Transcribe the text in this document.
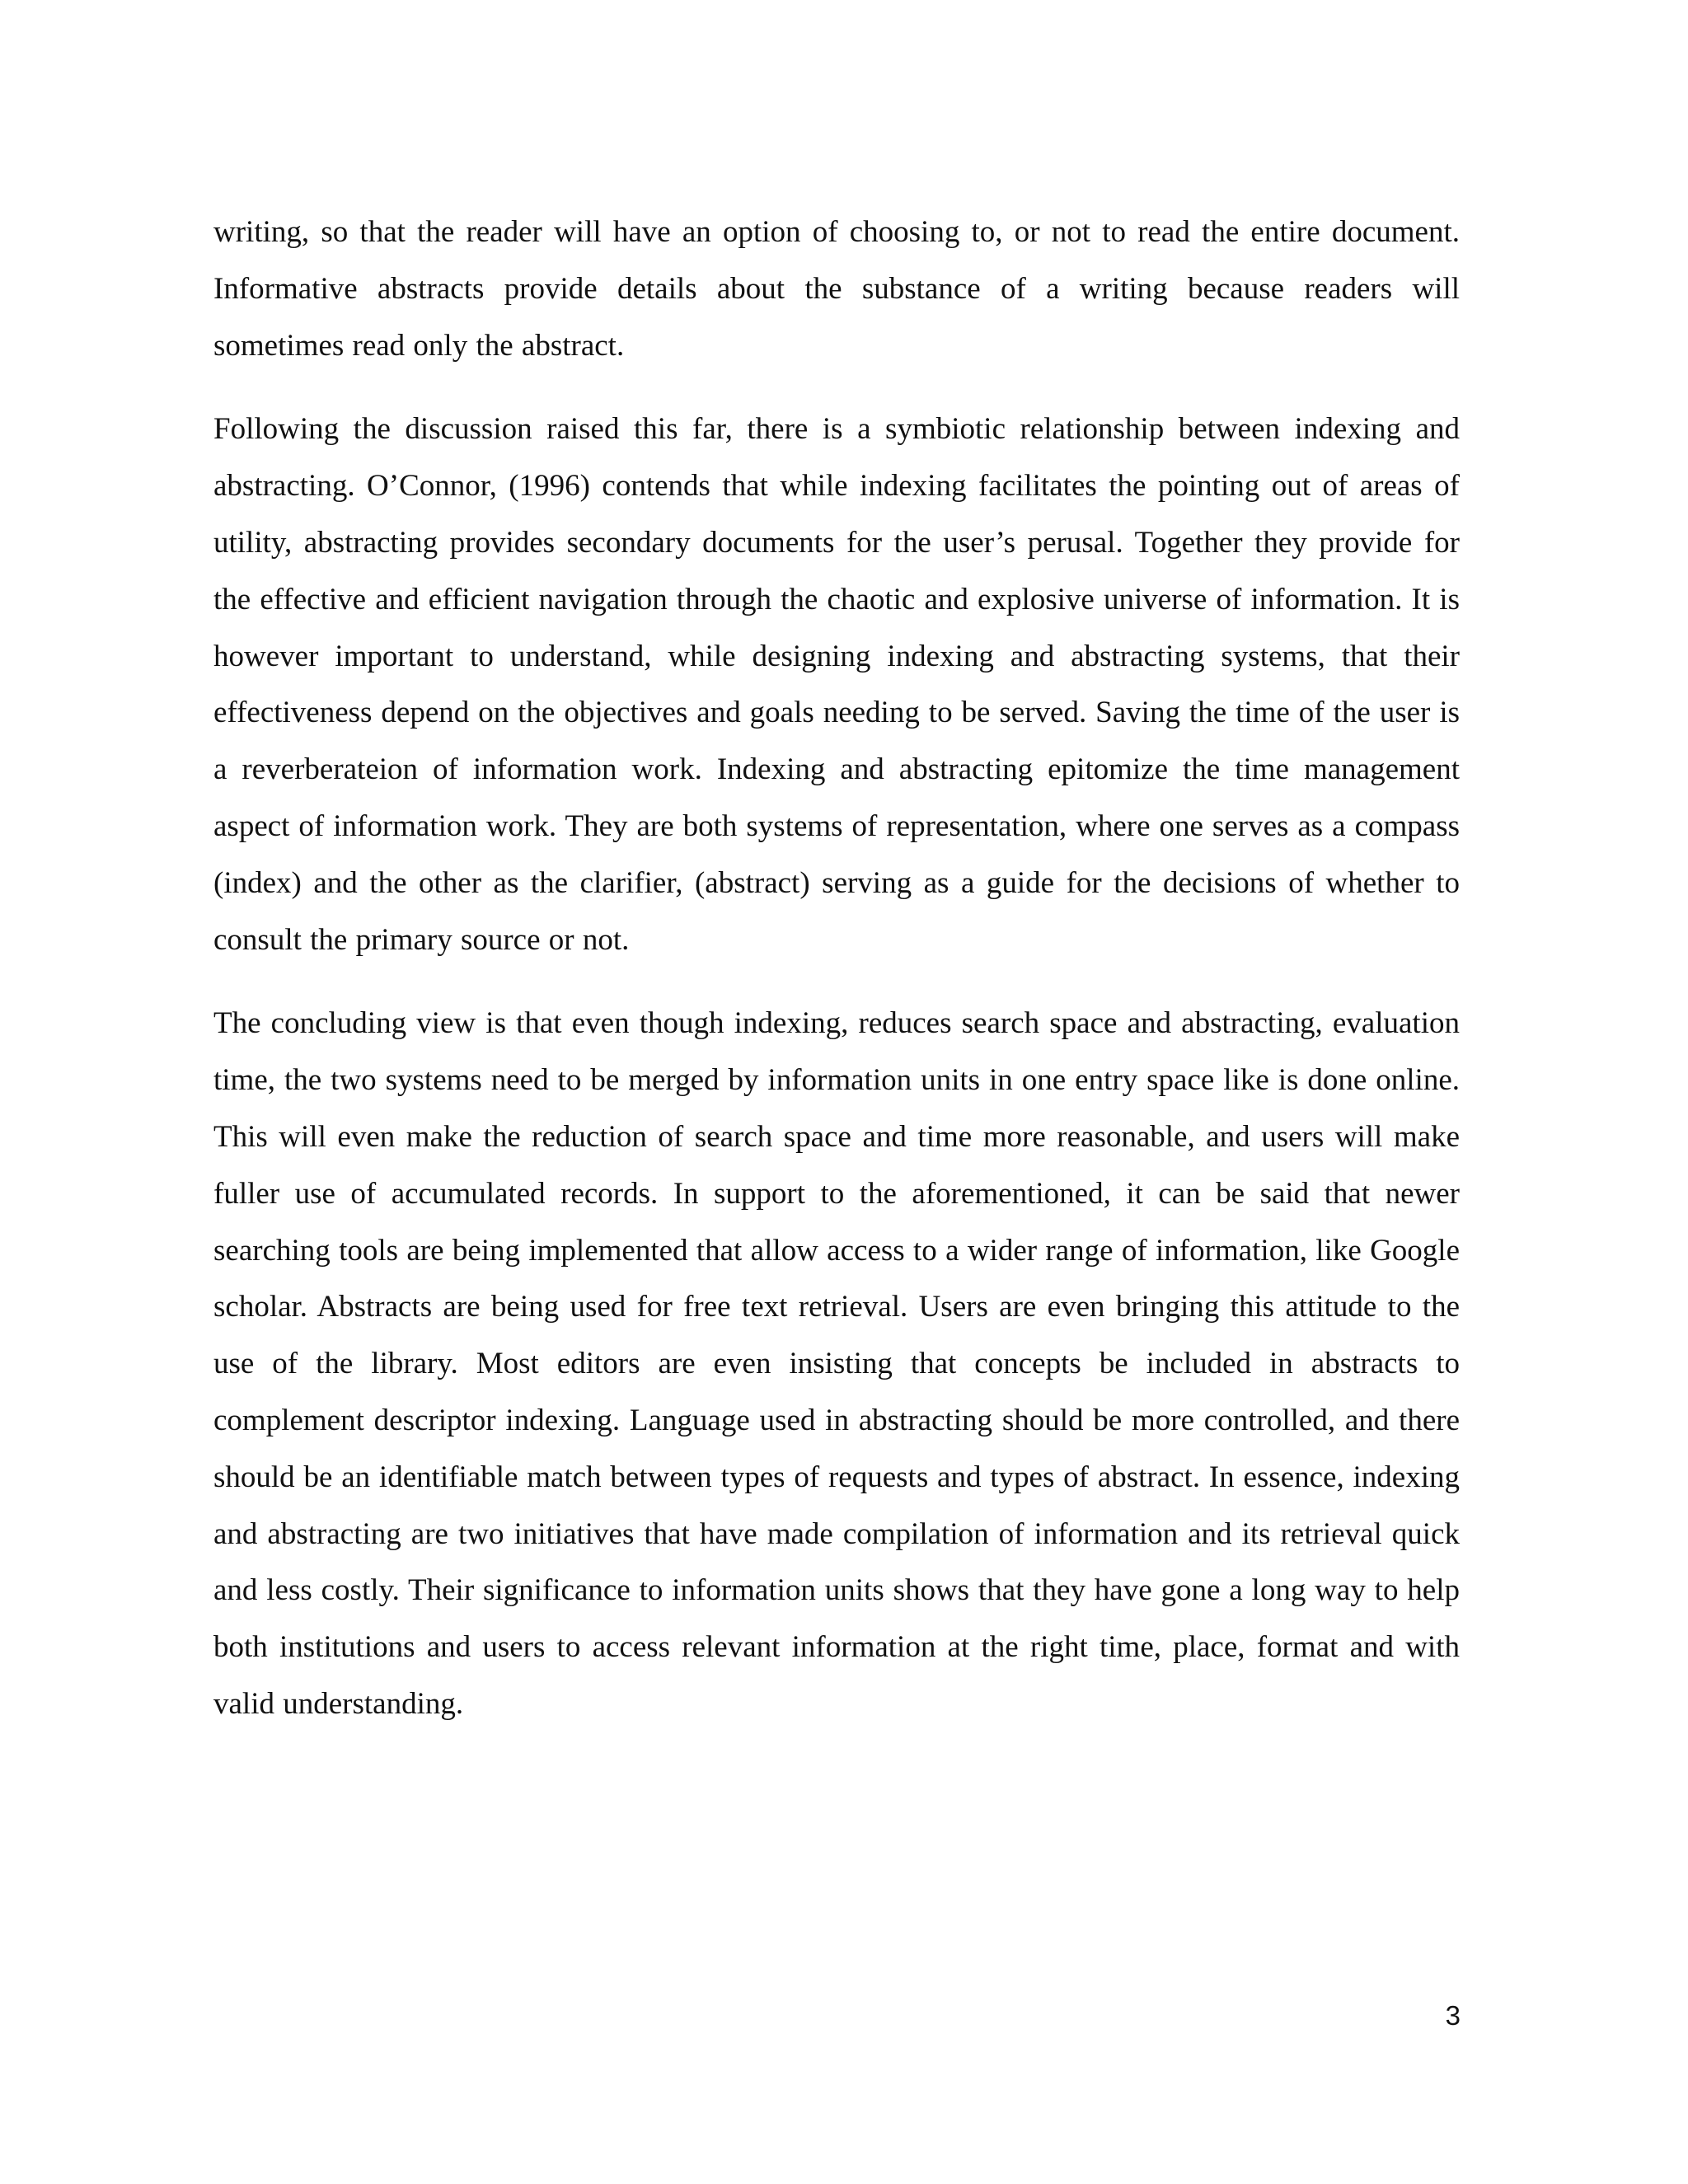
writing, so that the reader will have an option of choosing to, or not to read the entire document. Informative abstracts provide details about the substance of a writing because readers will sometimes read only the abstract.

Following the discussion raised this far, there is a symbiotic relationship between indexing and abstracting. O’Connor, (1996) contends that while indexing facilitates the pointing out of areas of utility, abstracting provides secondary documents for the user’s perusal. Together they provide for the effective and efficient navigation through the chaotic and explosive universe of information. It is however important to understand, while designing indexing and abstracting systems, that their effectiveness depend on the objectives and goals needing to be served. Saving the time of the user is a reverberateion of information work. Indexing and abstracting epitomize the time management aspect of information work. They are both systems of representation, where one serves as a compass (index) and the other as the clarifier, (abstract) serving as a guide for the decisions of whether to consult the primary source or not.

The concluding view is that even though indexing, reduces search space and abstracting, evaluation time, the two systems need to be merged by information units in one entry space like is done online. This will even make the reduction of search space and time more reasonable, and users will make fuller use of accumulated records. In support to the aforementioned, it can be said that newer searching tools are being implemented that allow access to a wider range of information, like Google scholar. Abstracts are being used for free text retrieval. Users are even bringing this attitude to the use of the library. Most editors are even insisting that concepts be included in abstracts to complement descriptor indexing. Language used in abstracting should be more controlled, and there should be an identifiable match between types of requests and types of abstract. In essence, indexing and abstracting are two initiatives that have made compilation of information and its retrieval quick and less costly. Their significance to information units shows that they have gone a long way to help both institutions and users to access relevant information at the right time, place, format and with valid understanding.

3
